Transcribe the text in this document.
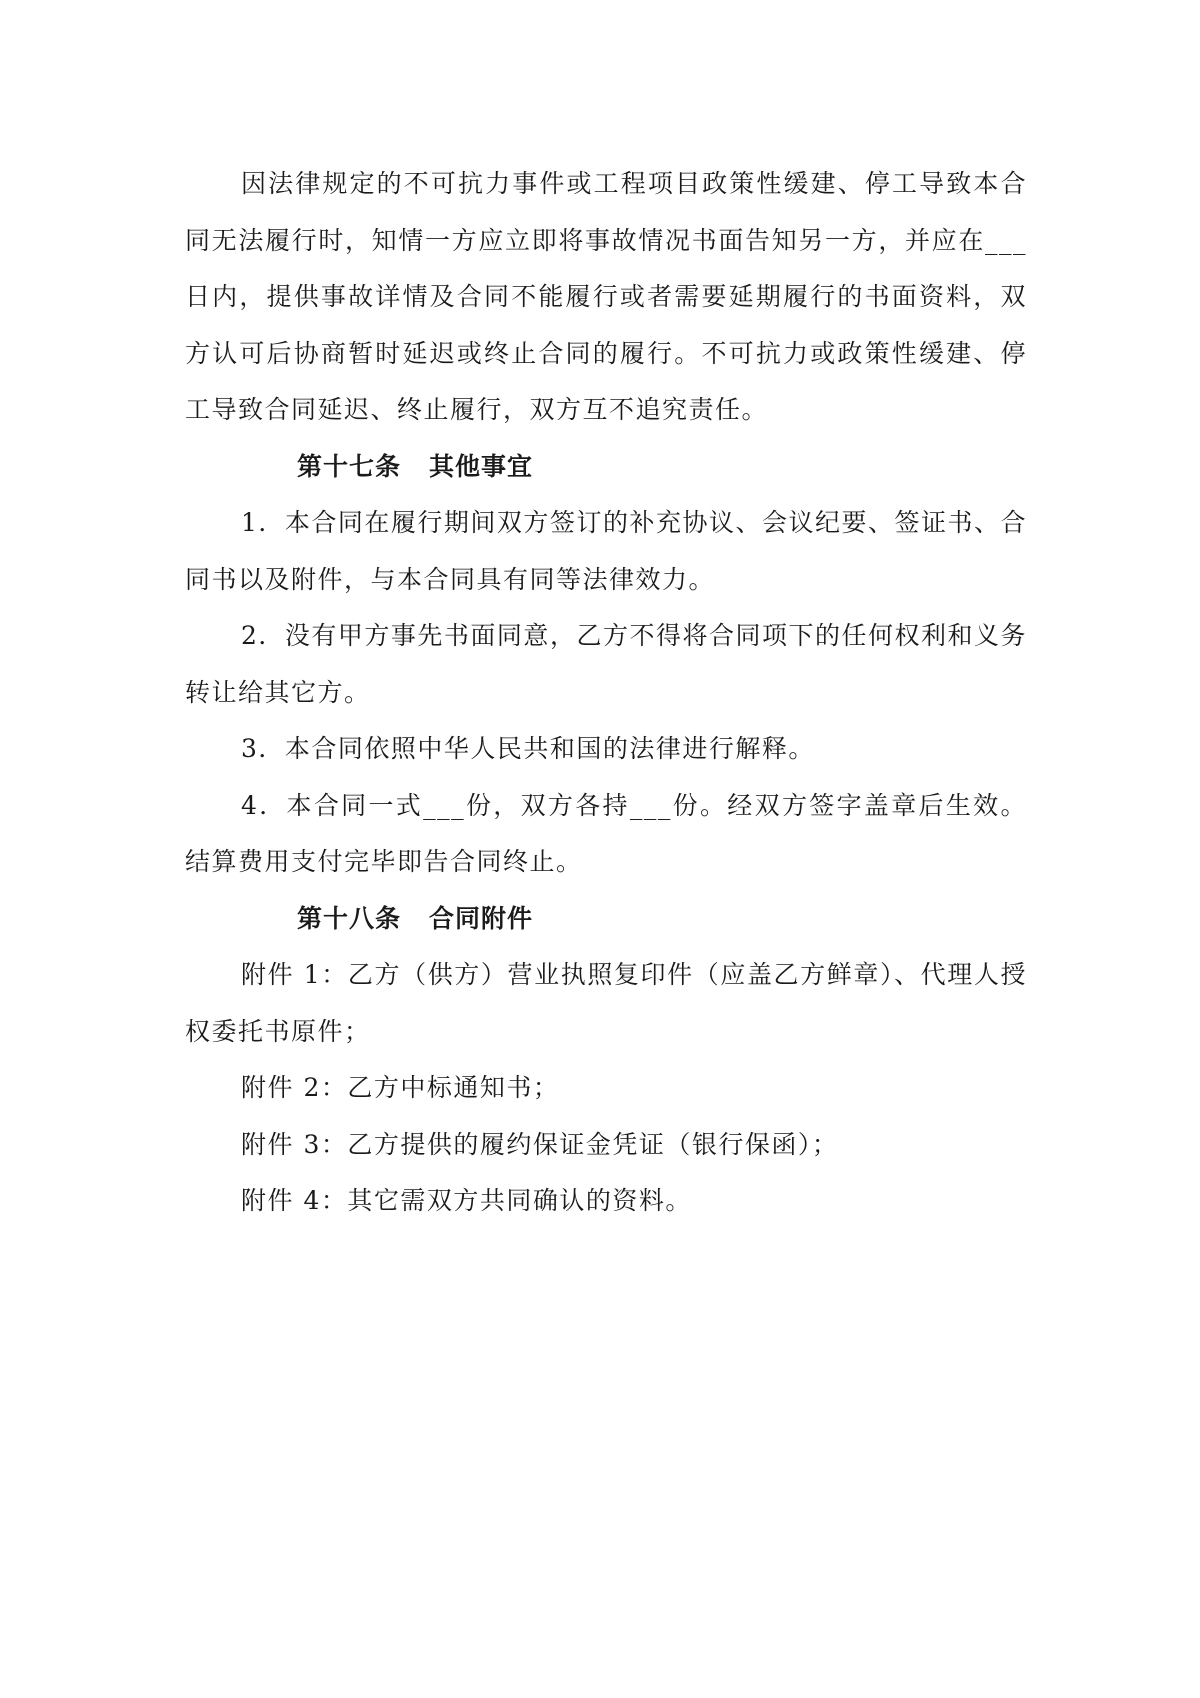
因法律规定的不可抗力事件或工程项目政策性缓建、停工导致本合同无法履行时，知情一方应立即将事故情况书面告知另一方，并应在___日内，提供事故详情及合同不能履行或者需要延期履行的书面资料，双方认可后协商暂时延迟或终止合同的履行。不可抗力或政策性缓建、停工导致合同延迟、终止履行，双方互不追究责任。

第十七条 其他事宜

1．本合同在履行期间双方签订的补充协议、会议纪要、签证书、合同书以及附件，与本合同具有同等法律效力。

2．没有甲方事先书面同意，乙方不得将合同项下的任何权利和义务转让给其它方。

3．本合同依照中华人民共和国的法律进行解释。

4．本合同一式___份，双方各持___份。经双方签字盖章后生效。结算费用支付完毕即告合同终止。

第十八条 合同附件

附件 1：乙方（供方）营业执照复印件（应盖乙方鲜章）、代理人授权委托书原件；

附件 2：乙方中标通知书；

附件 3：乙方提供的履约保证金凭证（银行保函）；

附件 4：其它需双方共同确认的资料。
